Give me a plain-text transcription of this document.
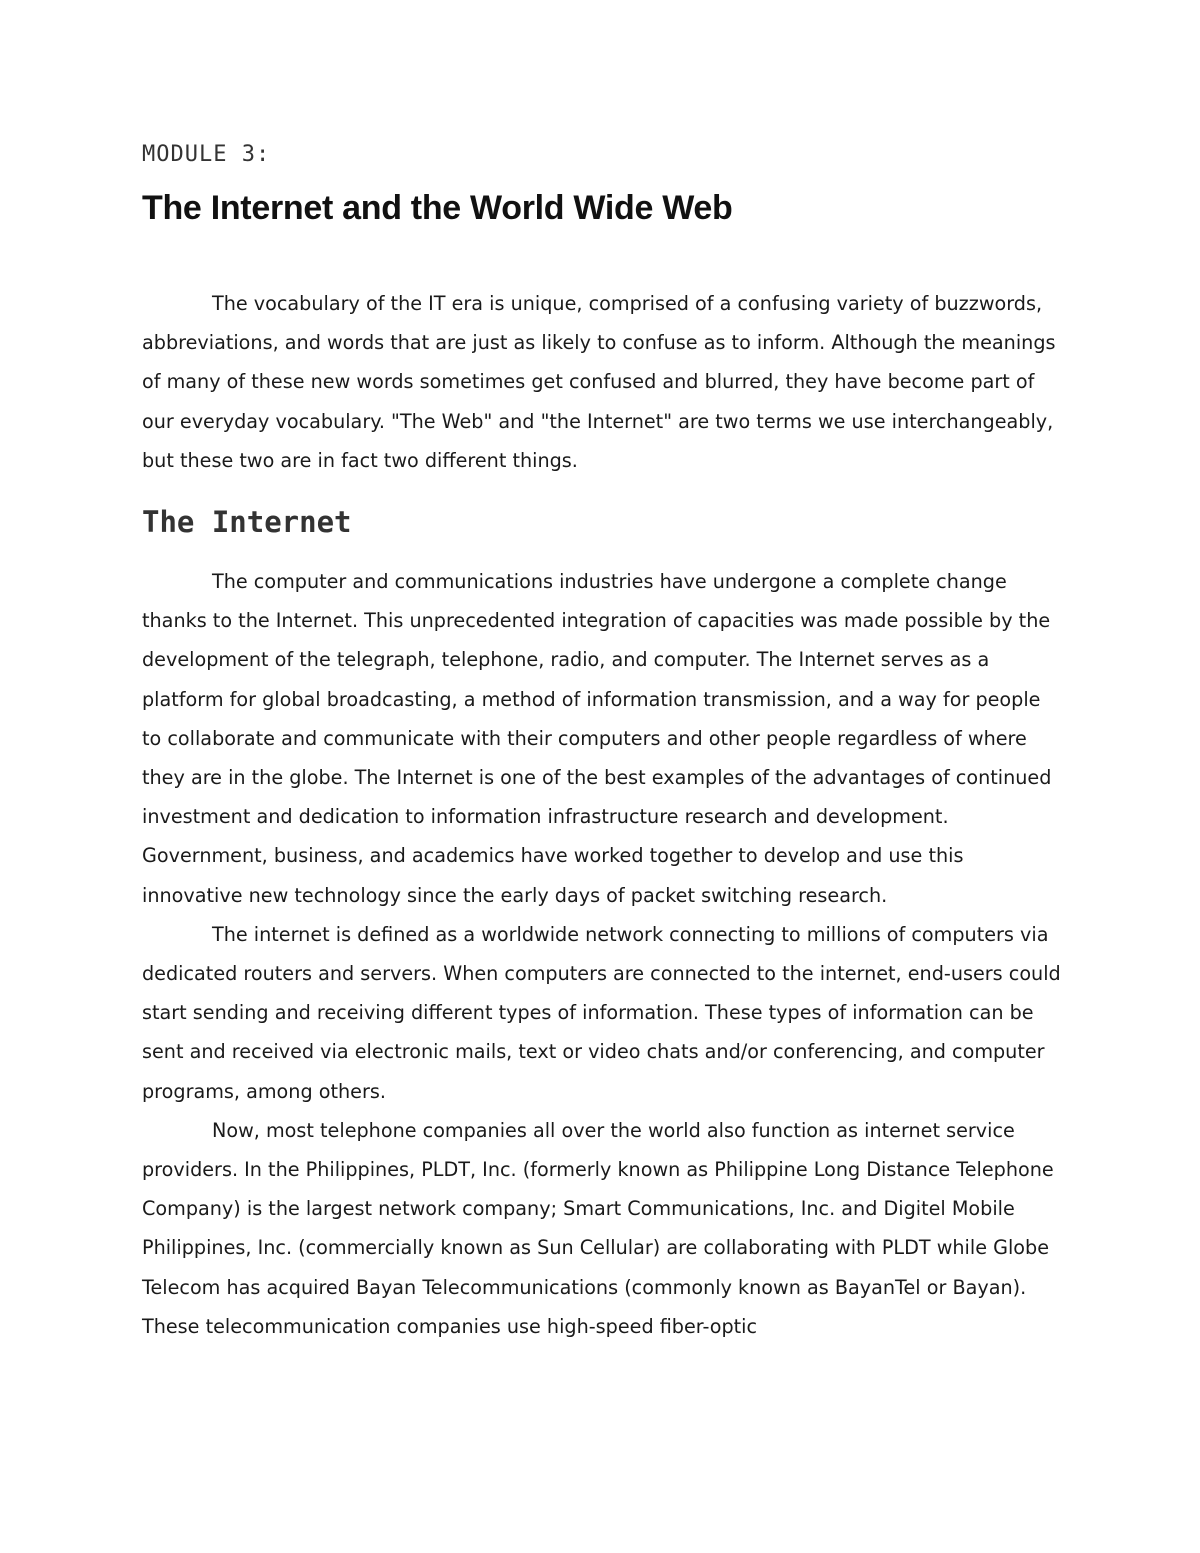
MODULE 3:
The Internet and the World Wide Web

The vocabulary of the IT era is unique, comprised of a confusing variety of buzzwords, abbreviations, and words that are just as likely to confuse as to inform. Although the meanings of many of these new words sometimes get confused and blurred, they have become part of our everyday vocabulary. "The Web" and "the Internet" are two terms we use interchangeably, but these two are in fact two different things.

The Internet

The computer and communications industries have undergone a complete change thanks to the Internet. This unprecedented integration of capacities was made possible by the development of the telegraph, telephone, radio, and computer. The Internet serves as a platform for global broadcasting, a method of information transmission, and a way for people to collaborate and communicate with their computers and other people regardless of where they are in the globe. The Internet is one of the best examples of the advantages of continued investment and dedication to information infrastructure research and development. Government, business, and academics have worked together to develop and use this innovative new technology since the early days of packet switching research.

The internet is defined as a worldwide network connecting to millions of computers via dedicated routers and servers. When computers are connected to the internet, end-users could start sending and receiving different types of information. These types of information can be sent and received via electronic mails, text or video chats and/or conferencing, and computer programs, among others.

Now, most telephone companies all over the world also function as internet service providers. In the Philippines, PLDT, Inc. (formerly known as Philippine Long Distance Telephone Company) is the largest network company; Smart Communications, Inc. and Digitel Mobile Philippines, Inc. (commercially known as Sun Cellular) are collaborating with PLDT while Globe Telecom has acquired Bayan Telecommunications (commonly known as BayanTel or Bayan). These telecommunication companies use high-speed fiber-optic
